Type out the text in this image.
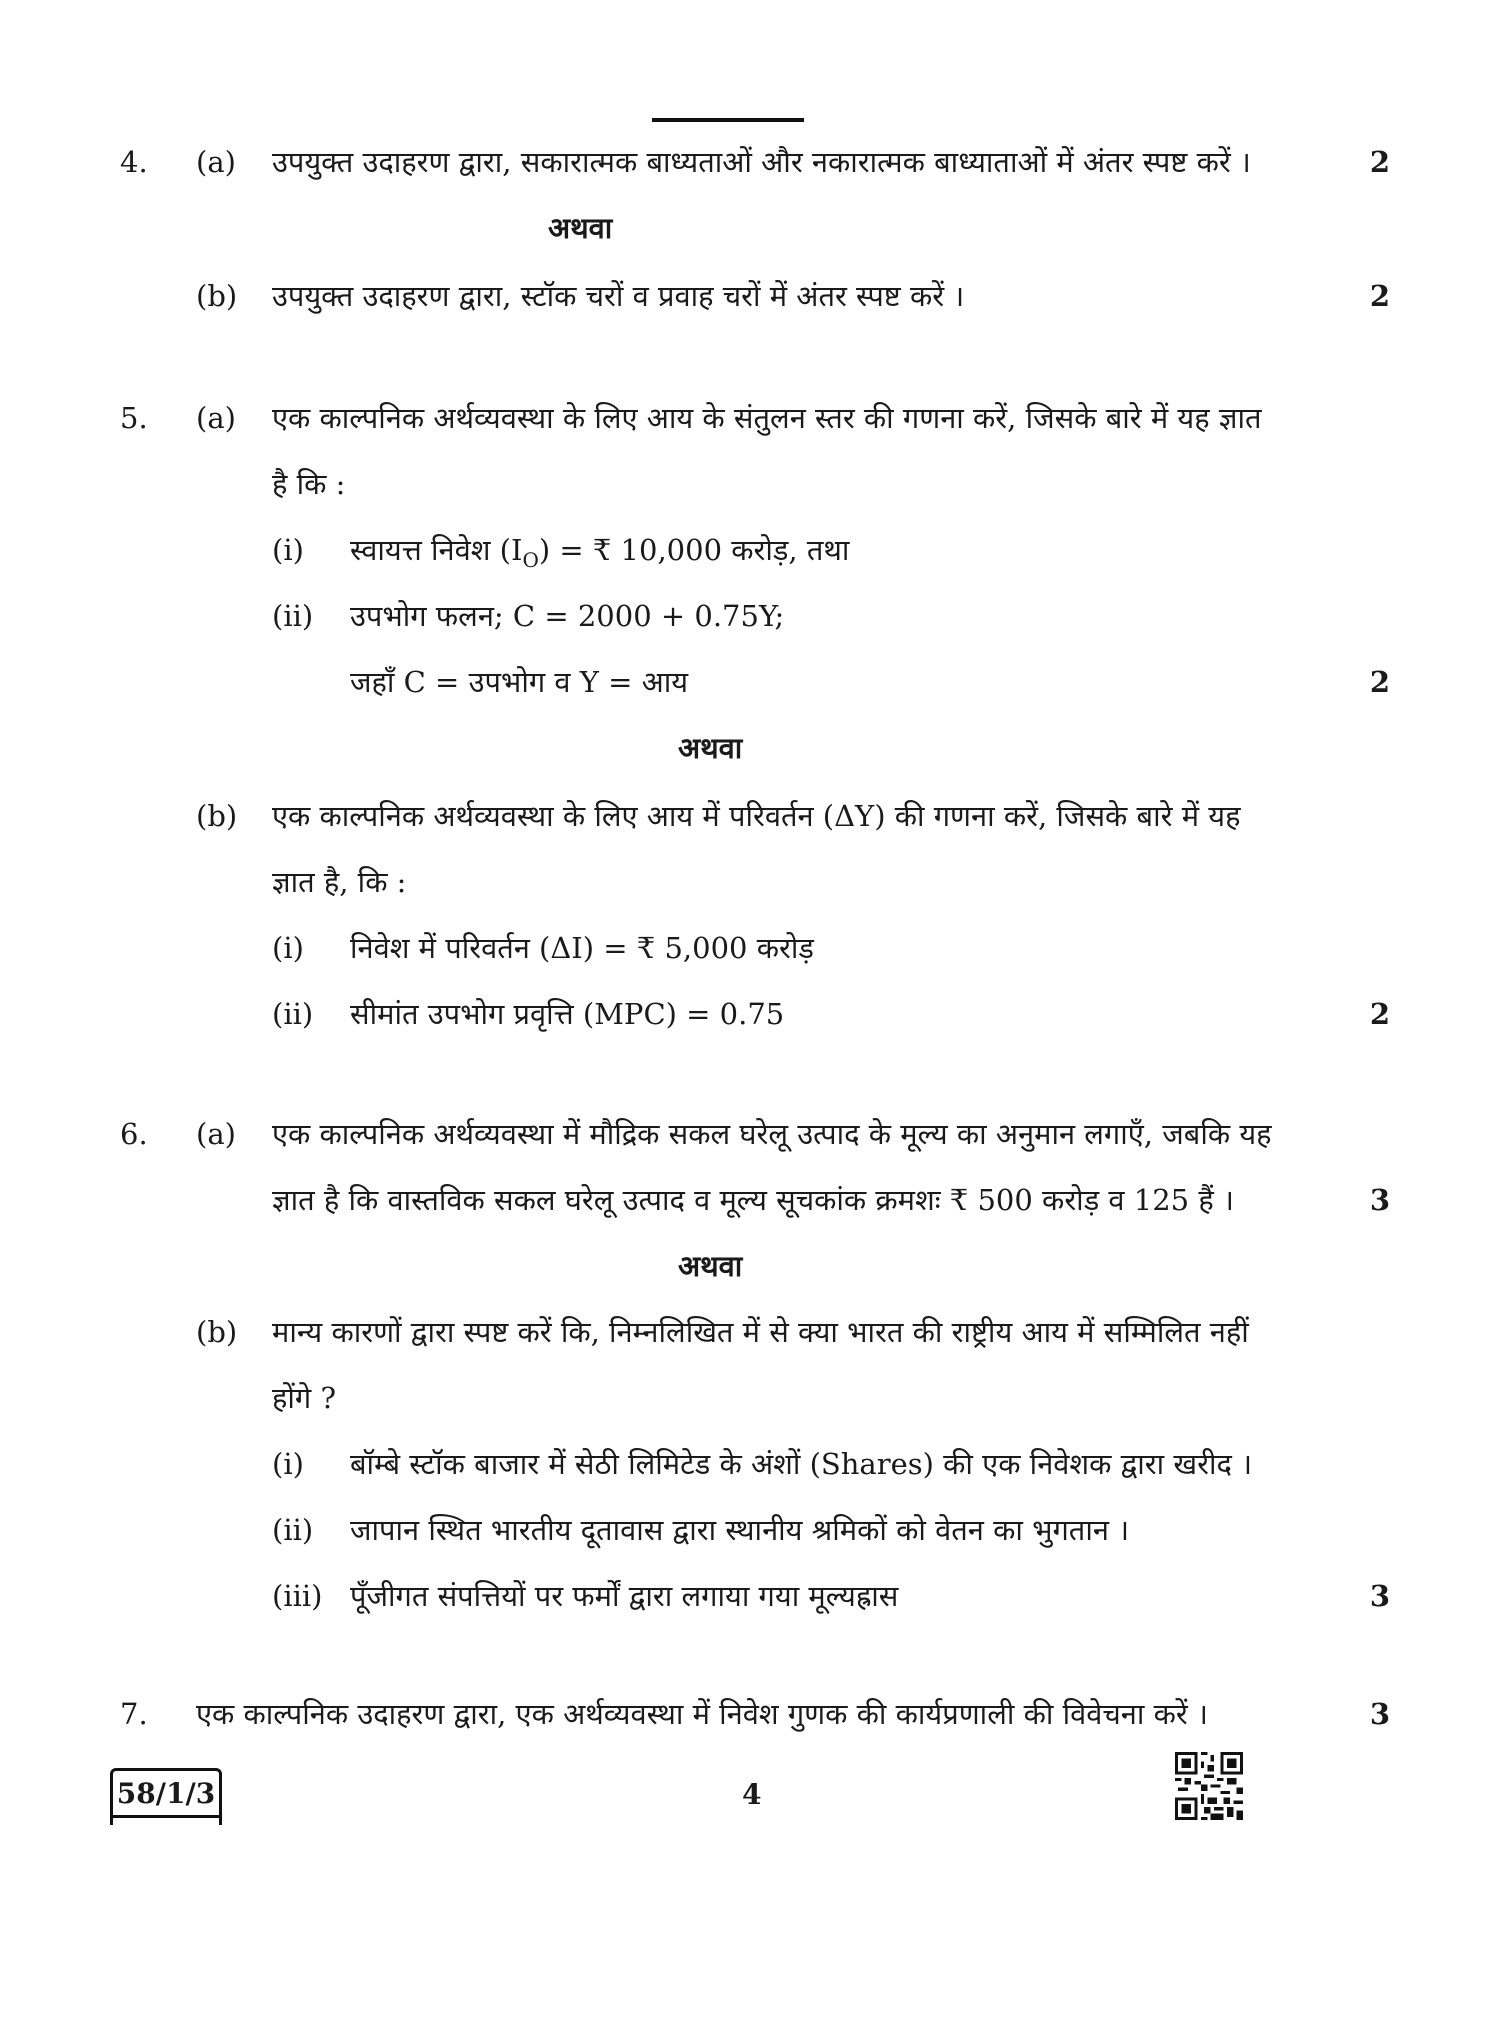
4. (a) उपयुक्त उदाहरण द्वारा, सकारात्मक बाध्यताओं और नकारात्मक बाध्याताओं में अंतर स्पष्ट करें ।	2
अथवा
(b) उपयुक्त उदाहरण द्वारा, स्टॉक चरों व प्रवाह चरों में अंतर स्पष्ट करें ।	2
5. (a) एक काल्पनिक अर्थव्यवस्था के लिए आय के संतुलन स्तर की गणना करें, जिसके बारे में यह ज्ञात
है कि :
(i) स्वायत्त निवेश $(I_O)$ = ₹ 10,000 करोड़, तथा
(ii) उपभोग फलन; C = 2000 + 0.75Y;
जहाँ C = उपभोग व Y = आय	2
अथवा
(b) एक काल्पनिक अर्थव्यवस्था के लिए आय में परिवर्तन (ΔY) की गणना करें, जिसके बारे में यह
ज्ञात है, कि :
(i) निवेश में परिवर्तन (ΔI) = ₹ 5,000 करोड़
(ii) सीमांत उपभोग प्रवृत्ति (MPC) = 0.75	2
6. (a) एक काल्पनिक अर्थव्यवस्था में मौद्रिक सकल घरेलू उत्पाद के मूल्य का अनुमान लगाएँ, जबकि यह
ज्ञात है कि वास्तविक सकल घरेलू उत्पाद व मूल्य सूचकांक क्रमशः ₹ 500 करोड़ व 125 हैं ।	3
अथवा
(b) मान्य कारणों द्वारा स्पष्ट करें कि, निम्नलिखित में से क्या भारत की राष्ट्रीय आय में सम्मिलित नहीं
होंगे ?
(i) बॉम्बे स्टॉक बाजार में सेठी लिमिटेड के अंशों (Shares) की एक निवेशक द्वारा खरीद ।
(ii) जापान स्थित भारतीय दूतावास द्वारा स्थानीय श्रमिकों को वेतन का भुगतान ।
(iii) पूँजीगत संपत्तियों पर फर्मों द्वारा लगाया गया मूल्यह्रास	3
7. एक काल्पनिक उदाहरण द्वारा, एक अर्थव्यवस्था में निवेश गुणक की कार्यप्रणाली की विवेचना करें ।	3
58/1/3	4
